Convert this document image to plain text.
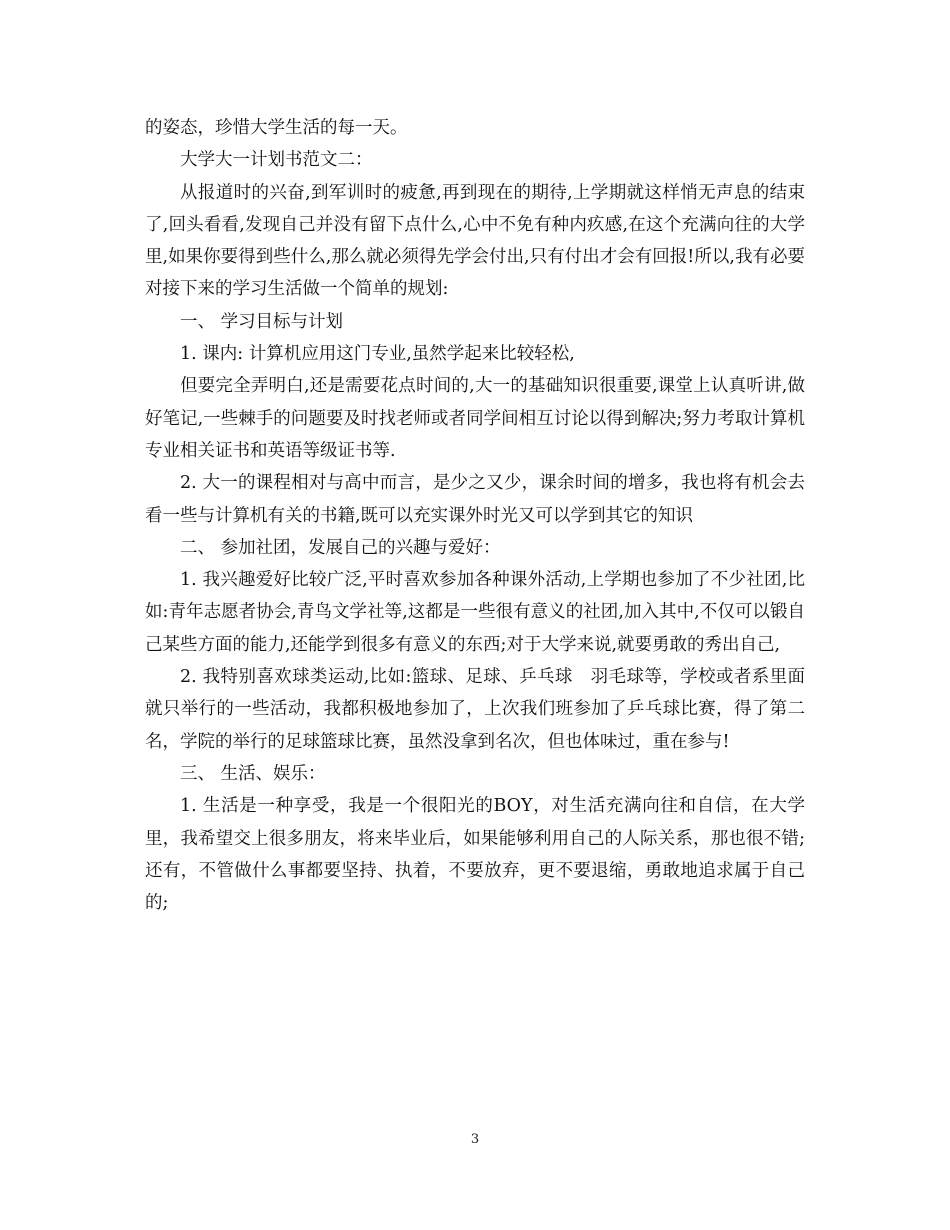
的姿态，珍惜大学生活的每一天。

大学大一计划书范文二：

从报道时的兴奋,到军训时的疲惫,再到现在的期待,上学期就这样悄无声息的结束了,回头看看,发现自己并没有留下点什么,心中不免有种内疚感,在这个充满向往的大学里,如果你要得到些什么,那么就必须得先学会付出,只有付出才会有回报!所以,我有必要对接下来的学习生活做一个简单的规划:

一、 学习目标与计划

1. 课内: 计算机应用这门专业,虽然学起来比较轻松,

但要完全弄明白,还是需要花点时间的,大一的基础知识很重要,课堂上认真听讲,做好笔记,一些棘手的问题要及时找老师或者同学间相互讨论以得到解决;努力考取计算机专业相关证书和英语等级证书等.

2. 大一的课程相对与高中而言，是少之又少，课余时间的增多，我也将有机会去看一些与计算机有关的书籍,既可以充实课外时光又可以学到其它的知识

二、 参加社团，发展自己的兴趣与爱好：

1. 我兴趣爱好比较广泛,平时喜欢参加各种课外活动,上学期也参加了不少社团,比如:青年志愿者协会,青鸟文学社等,这都是一些很有意义的社团,加入其中,不仅可以锻自己某些方面的能力,还能学到很多有意义的东西;对于大学来说,就要勇敢的秀出自己,

2. 我特别喜欢球类运动,比如:篮球、足球、乒乓球　羽毛球等，学校或者系里面就只举行的一些活动，我都积极地参加了，上次我们班参加了乒乓球比赛，得了第二名，学院的举行的足球篮球比赛，虽然没拿到名次，但也体味过，重在参与!

三、 生活、娱乐：

1. 生活是一种享受，我是一个很阳光的BOY，对生活充满向往和自信，在大学里，我希望交上很多朋友，将来毕业后，如果能够利用自己的人际关系，那也很不错;还有，不管做什么事都要坚持、执着，不要放弃，更不要退缩，勇敢地追求属于自己的;

3
